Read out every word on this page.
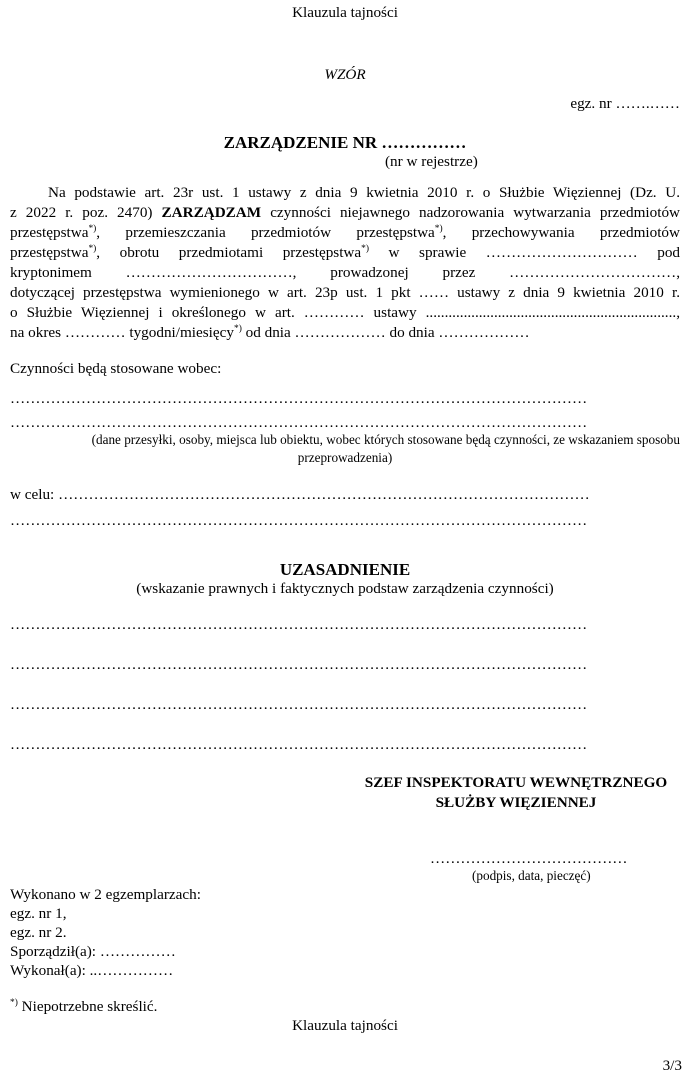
Klauzula tajności
WZÓR
egz. nr …….……
ZARZĄDZENIE NR ……………
(nr w rejestrze)
Na podstawie art. 23r ust. 1 ustawy z dnia 9 kwietnia 2010 r. o Służbie Więziennej (Dz. U.
z 2022 r. poz. 2470) ZARZĄDZAM czynności niejawnego nadzorowania wytwarzania przedmiotów
przestępstwa*), przemieszczania przedmiotów przestępstwa*), przechowywania przedmiotów
przestępstwa*), obrotu przedmiotami przestępstwa*) w sprawie ………………………… pod
kryptonimem ……………………………, prowadzonej przez ……………………………,
dotyczącej przestępstwa wymienionego w art. 23p ust. 1 pkt …… ustawy z dnia 9 kwietnia 2010 r.
o Służbie Więziennej i określonego w art. ………… ustawy ..................................................................,
na okres ………… tygodni/miesięcy*) od dnia ……………… do dnia ………………
Czynności będą stosowane wobec:
……………………………………………………………………………………………………
……………………………………………………………………………………………………
(dane przesyłki, osoby, miejsca lub obiektu, wobec których stosowane będą czynności, ze wskazaniem sposobu
przeprowadzenia)
w celu: ……………………………………………………………………………………………
……………………………………………………………………………………………………
UZASADNIENIE
(wskazanie prawnych i faktycznych podstaw zarządzenia czynności)
……………………………………………………………………………………………………
……………………………………………………………………………………………………
……………………………………………………………………………………………………
……………………………………………………………………………………………………
SZEF INSPEKTORATU WEWNĘTRZNEGO
SŁUŻBY WIĘZIENNEJ
…………………………………
(podpis, data, pieczęć)
Wykonano w 2 egzemplarzach:
egz. nr 1,
egz. nr 2.
Sporządził(a): ……………
Wykonał(a): ..……………
*) Niepotrzebne skreślić.
Klauzula tajności
3/3
